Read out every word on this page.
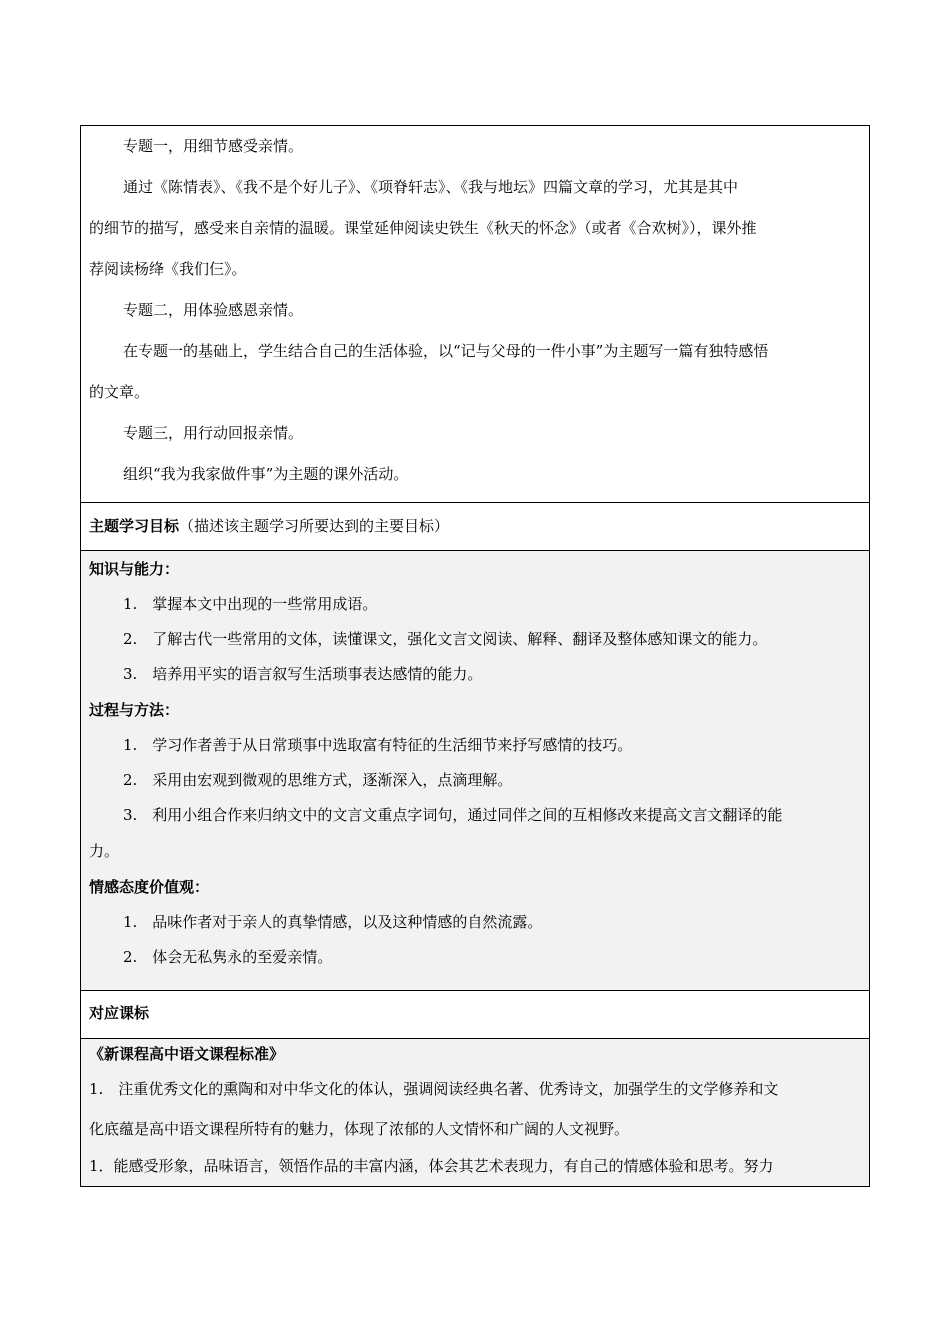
专题一，用细节感受亲情。

通过《陈情表》、《我不是个好儿子》、《项脊轩志》、《我与地坛》四篇文章的学习，尤其是其中

的细节的描写，感受来自亲情的温暖。课堂延伸阅读史铁生《秋天的怀念》（或者《合欢树》），课外推

荐阅读杨绛《我们仨》。

专题二，用体验感恩亲情。

在专题一的基础上，学生结合自己的生活体验，以“记与父母的一件小事”为主题写一篇有独特感悟

的文章。

专题三，用行动回报亲情。

组织“我为我家做件事”为主题的课外活动。

主题学习目标（描述该主题学习所要达到的主要目标）

知识与能力：

1.　掌握本文中出现的一些常用成语。

2.　了解古代一些常用的文体，读懂课文，强化文言文阅读、解释、翻译及整体感知课文的能力。

3.　培养用平实的语言叙写生活琐事表达感情的能力。

过程与方法：

1.　学习作者善于从日常琐事中选取富有特征的生活细节来抒写感情的技巧。

2.　采用由宏观到微观的思维方式，逐渐深入，点滴理解。

3.　利用小组合作来归纳文中的文言文重点字词句，通过同伴之间的互相修改来提高文言文翻译的能

力。

情感态度价值观：

1.　品味作者对于亲人的真挚情感，以及这种情感的自然流露。

2.　体会无私隽永的至爱亲情。

对应课标

《新课程高中语文课程标准》

1.　注重优秀文化的熏陶和对中华文化的体认，强调阅读经典名著、优秀诗文，加强学生的文学修养和文

化底蕴是高中语文课程所特有的魅力，体现了浓郁的人文情怀和广阔的人文视野。

1．能感受形象，品味语言，领悟作品的丰富内涵，体会其艺术表现力，有自己的情感体验和思考。努力
